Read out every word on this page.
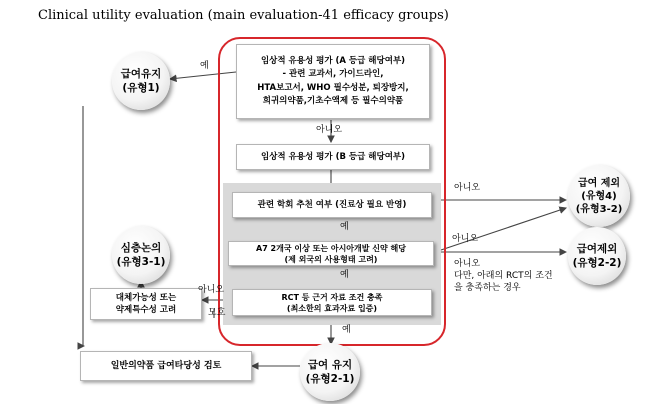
Clinical utility evaluation (main evaluation-41 efficacy groups)
급여유지
(유형1)
심층논의
(유형3-1)
급여 제외
(유형4)
(유형3-2)
급여제외
(유형2-2)
급여 유지
(유형2-1)
임상적 유용성 평가 (A 등급 해당여부)
- 관련 교과서, 가이드라인,
HTA보고서, WHO 필수성분, 퇴장방지,
희귀의약품,기초수액제 등 필수의약품
임상적 유용성 평가 (B 등급 해당여부)
관련 학회 추천 여부 (진료상 필요 반영)
A7 2개국 이상 또는 아시아개발 신약 해당
(제 외국의 사용형태 고려)
RCT 등 근거 자료 조건 충족
(최소한의 효과자료 입증)
대체가능성 또는
약제특수성 고려
일반의약품 급여타당성 검토
예
아니오
아니오
예
아니오
예
아니오
모호
아니오
다만, 아래의 RCT의 조건
을 충족하는 경우
예
